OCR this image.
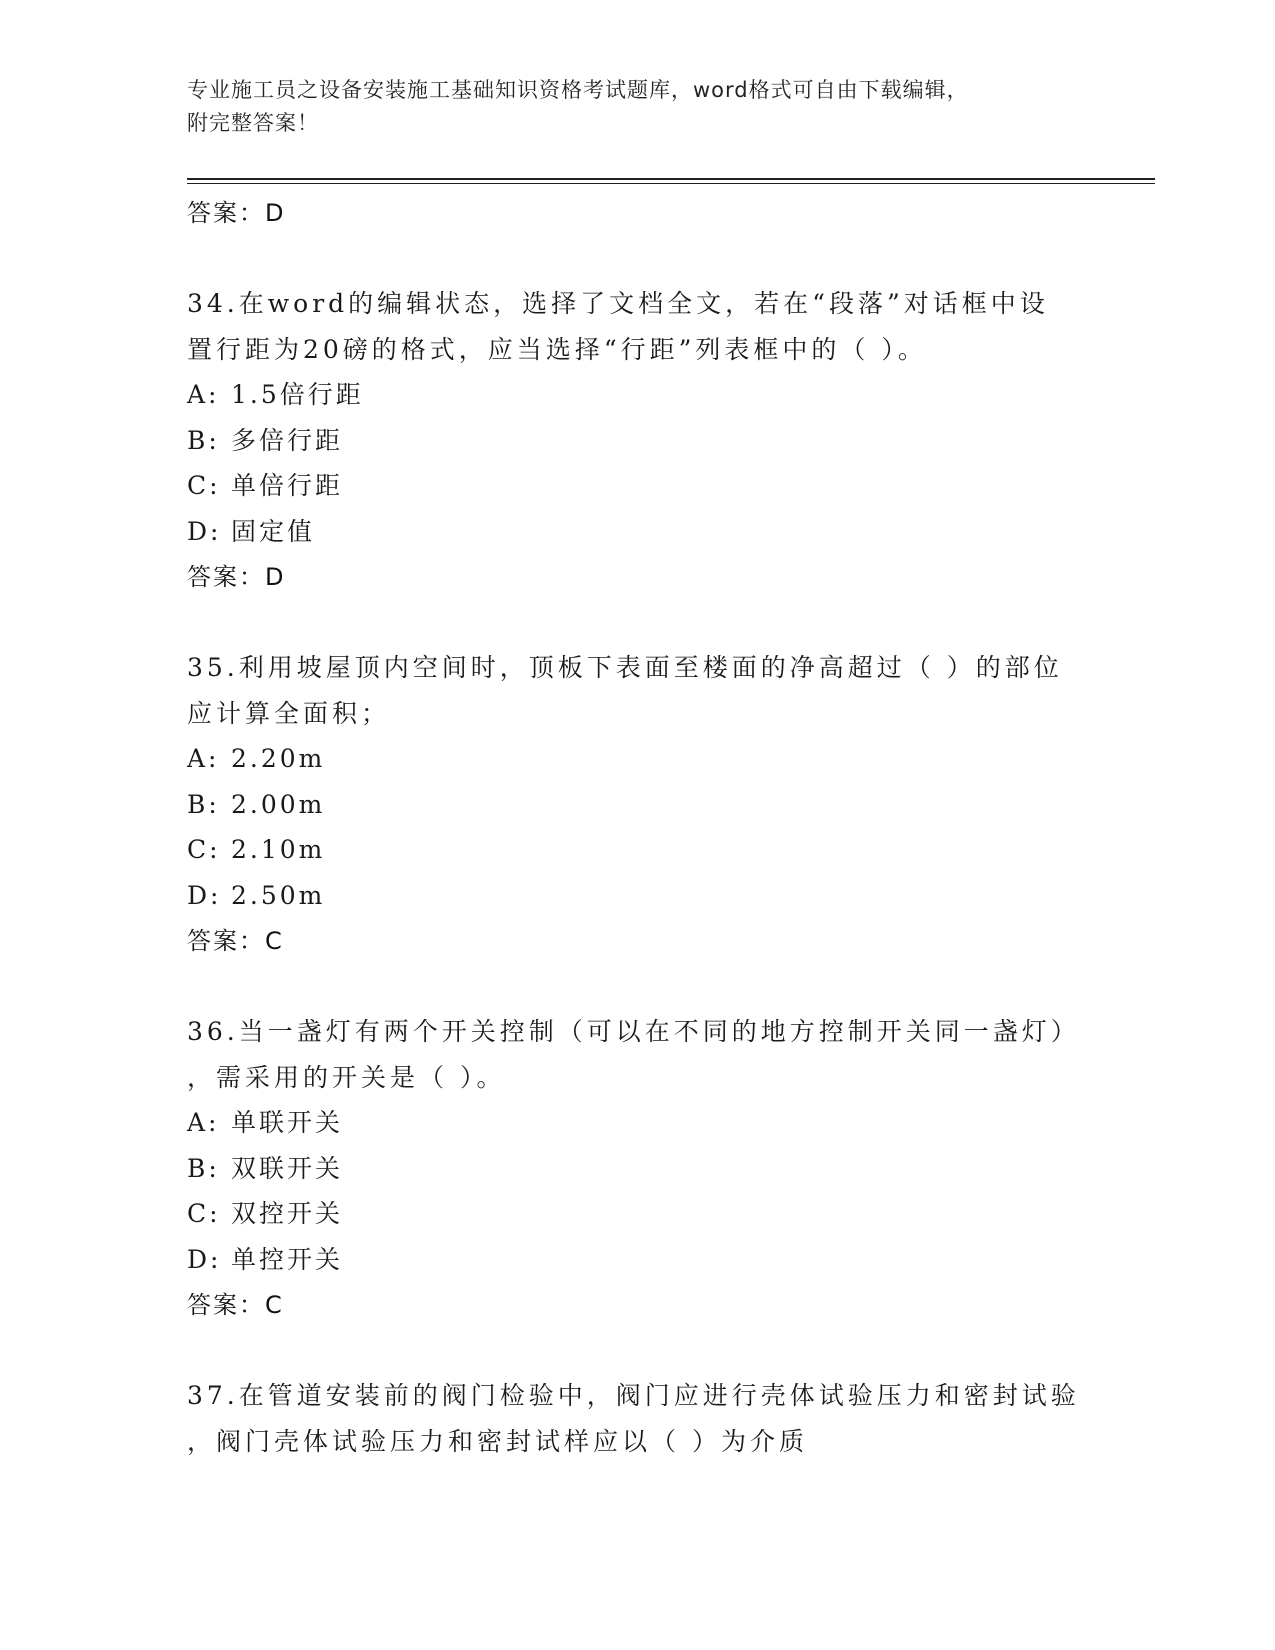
专业施工员之设备安装施工基础知识资格考试题库，word格式可自由下载编辑，
附完整答案！
答案：D
34.在word的编辑状态，选择了文档全文，若在“段落”对话框中设
置行距为20磅的格式，应当选择“行距”列表框中的（ ）。
A: 1.5倍行距
B: 多倍行距
C: 单倍行距
D: 固定值
答案：D
35.利用坡屋顶内空间时，顶板下表面至楼面的净高超过（ ）的部位
应计算全面积；
A: 2.20m
B: 2.00m
C: 2.10m
D: 2.50m
答案：C
36.当一盏灯有两个开关控制（可以在不同的地方控制开关同一盏灯）
，需采用的开关是（ ）。
A: 单联开关
B: 双联开关
C: 双控开关
D: 单控开关
答案：C
37.在管道安装前的阀门检验中，阀门应进行壳体试验压力和密封试验
，阀门壳体试验压力和密封试样应以（ ）为介质
